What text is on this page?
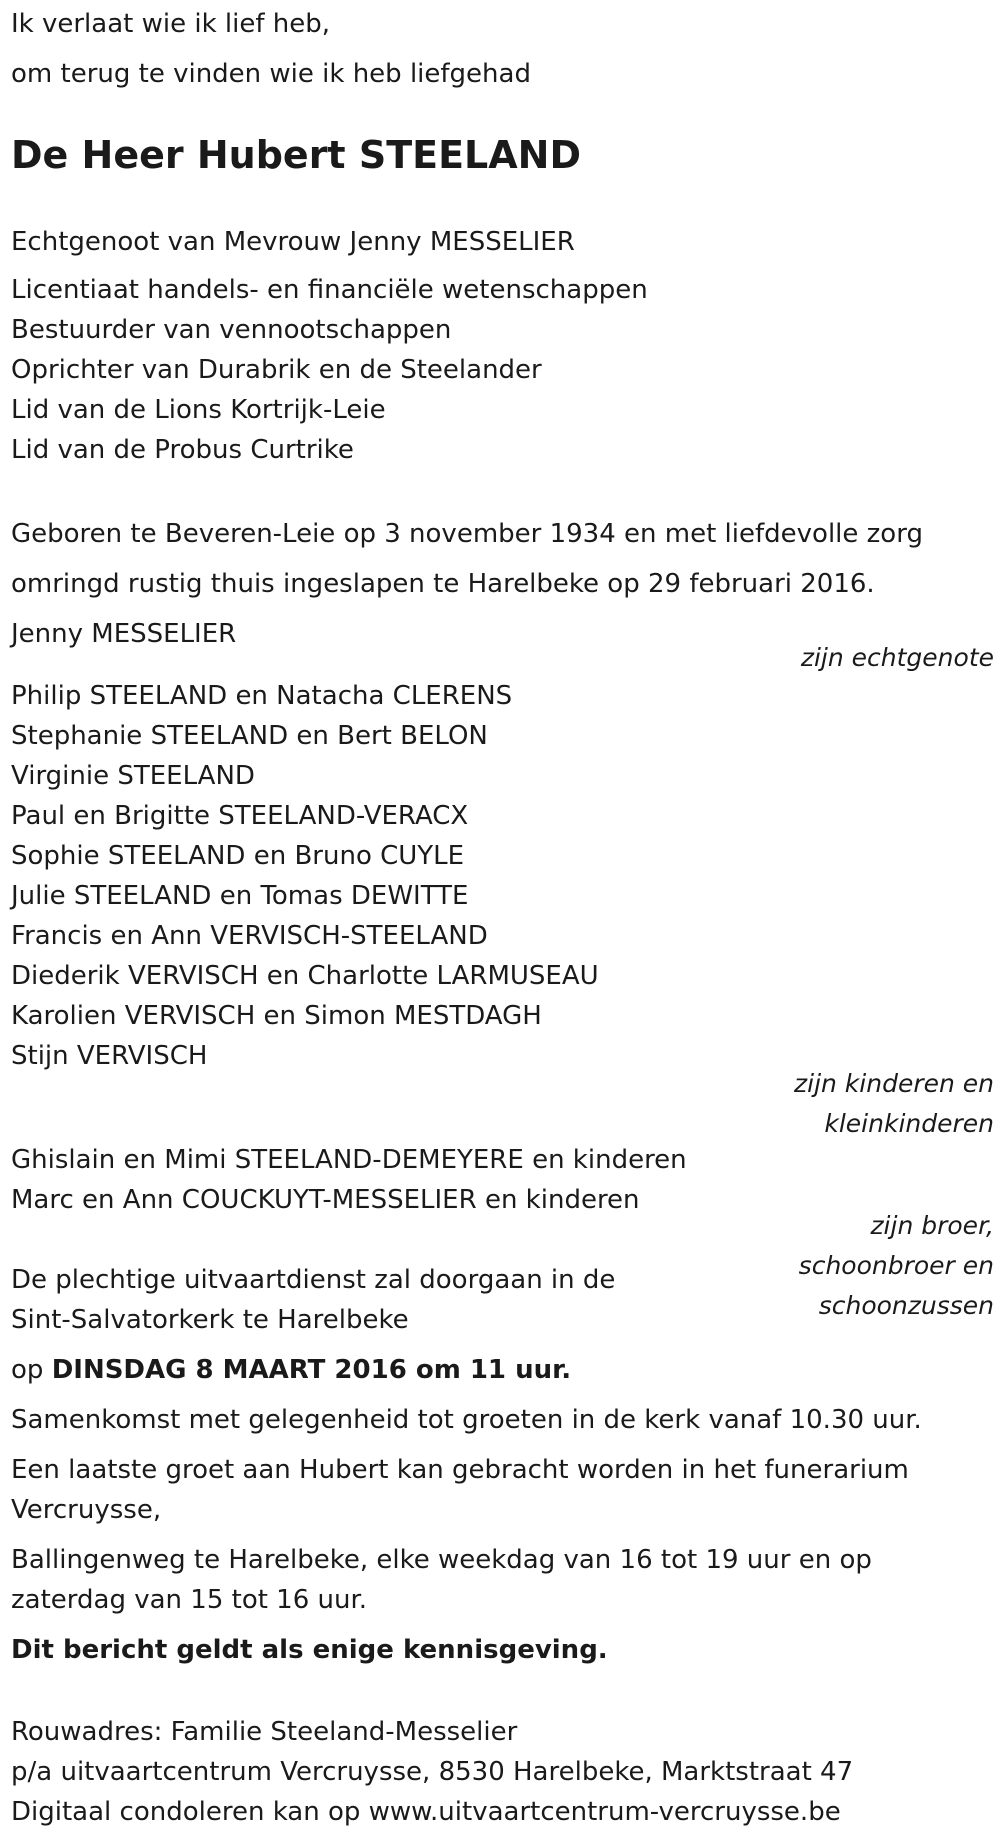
Ik verlaat wie ik lief heb,

om terug te vinden wie ik heb liefgehad

De Heer Hubert STEELAND

Echtgenoot van Mevrouw Jenny MESSELIER

Licentiaat handels- en financiële wetenschappen

Bestuurder van vennootschappen

Oprichter van Durabrik en de Steelander

Lid van de Lions Kortrijk-Leie

Lid van de Probus Curtrike

Geboren te Beveren-Leie op 3 november 1934 en met liefdevolle zorg

omringd rustig thuis ingeslapen te Harelbeke op 29 februari 2016.

Jenny MESSELIER

zijn echtgenote

Philip STEELAND en Natacha CLERENS

Stephanie STEELAND en Bert BELON

Virginie STEELAND

Paul en Brigitte STEELAND-VERACX

Sophie STEELAND en Bruno CUYLE

Julie STEELAND en Tomas DEWITTE

Francis en Ann VERVISCH-STEELAND

Diederik VERVISCH en Charlotte LARMUSEAU

Karolien VERVISCH en Simon MESTDAGH

Stijn VERVISCH

zijn kinderen en

kleinkinderen

Ghislain en Mimi STEELAND-DEMEYERE en kinderen

Marc en Ann COUCKUYT-MESSELIER en kinderen

zijn broer,

schoonbroer en

schoonzussen

De plechtige uitvaartdienst zal doorgaan in de

Sint-Salvatorkerk te Harelbeke

op DINSDAG 8 MAART 2016 om 11 uur.

Samenkomst met gelegenheid tot groeten in de kerk vanaf 10.30 uur.

Een laatste groet aan Hubert kan gebracht worden in het funerarium

Vercruysse,

Ballingenweg te Harelbeke, elke weekdag van 16 tot 19 uur en op

zaterdag van 15 tot 16 uur.

Dit bericht geldt als enige kennisgeving.

Rouwadres: Familie Steeland-Messelier

p/a uitvaartcentrum Vercruysse, 8530 Harelbeke, Marktstraat 47

Digitaal condoleren kan op www.uitvaartcentrum-vercruysse.be
